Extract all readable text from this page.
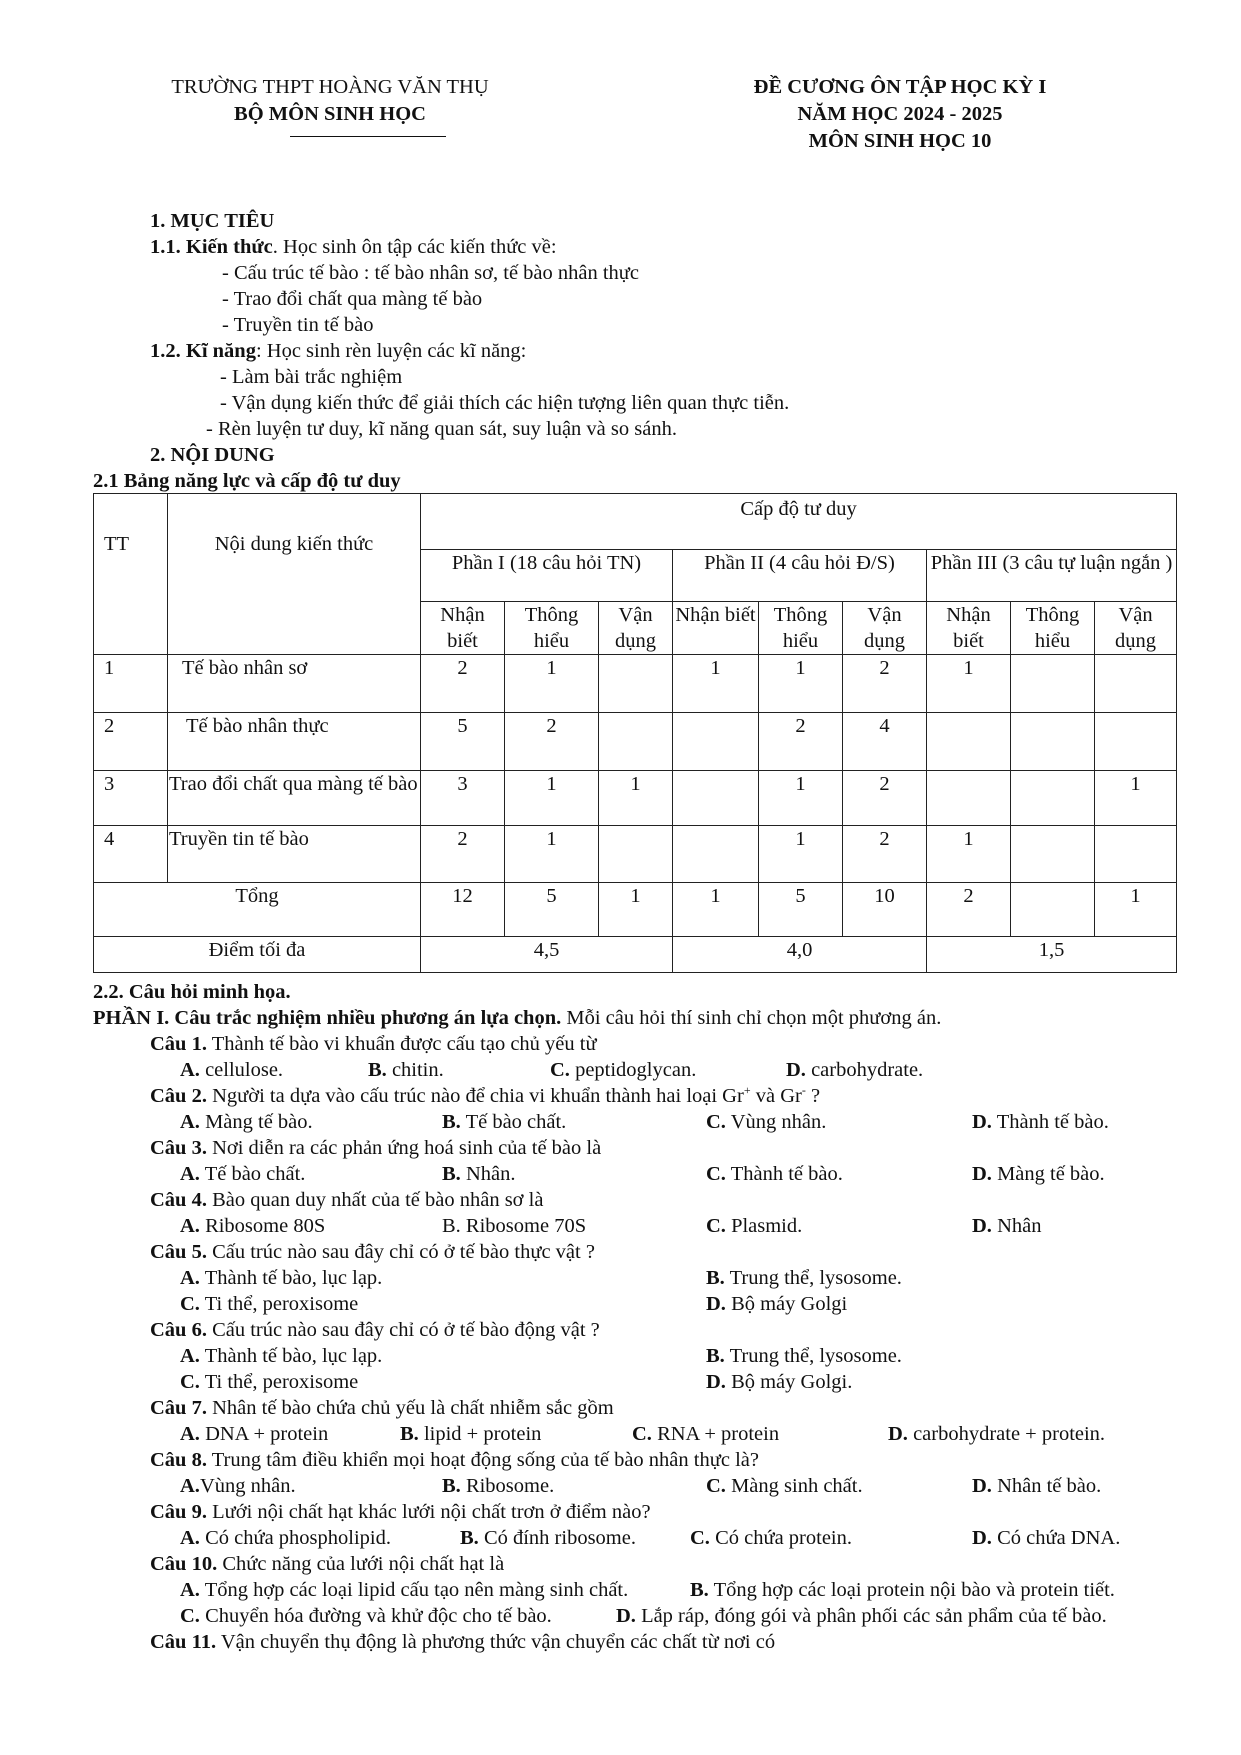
TRƯỜNG THPT HOÀNG VĂN THỤ
BỘ MÔN SINH HỌC
ĐỀ CƯƠNG ÔN TẬP HỌC KỲ I
NĂM HỌC 2024 - 2025
MÔN SINH HỌC 10
1. MỤC TIÊU
1.1. Kiến thức. Học sinh ôn tập các kiến thức về:
- Cấu trúc tế bào : tế bào nhân sơ, tế bào nhân thực
- Trao đổi chất qua màng tế bào
- Truyền tin tế bào
1.2. Kĩ năng: Học sinh rèn luyện các kĩ năng:
- Làm bài trắc nghiệm
- Vận dụng kiến thức để giải thích các hiện tượng liên quan thực tiễn.
- Rèn luyện tư duy, kĩ năng quan sát, suy luận và so sánh.
2. NỘI DUNG
2.1 Bảng năng lực và cấp độ tư duy
TT	Nội dung kiến thức	Cấp độ tư duy								
		Phần I (18 câu hỏi TN)			Phần II (4 câu hỏi Đ/S)			Phần III (3 câu tự luận ngắn )		
		Nhận biết	Thông hiểu	Vận dụng	Nhận biết	Thông hiểu	Vận dụng	Nhận biết	Thông hiểu	Vận dụng
1	Tế bào nhân sơ	2	1		1	1	2	1		
2	Tế bào nhân thực	5	2			2	4			
3	Trao đổi chất qua màng tế bào	3	1	1		1	2			1
4	Truyền tin tế bào	2	1			1	2	1		
Tổng		12	5	1	1	5	10	2		1
Điểm tối đa		4,5			4,0			1,5		
2.2. Câu hỏi minh họa.
PHẦN I. Câu trắc nghiệm nhiều phương án lựa chọn. Mỗi câu hỏi thí sinh chỉ chọn một phương án.
Câu 1. Thành tế bào vi khuẩn được cấu tạo chủ yếu từ
A. cellulose.	B. chitin.	C. peptidoglycan.	D. carbohydrate.
Câu 2. Người ta dựa vào cấu trúc nào để chia vi khuẩn thành hai loại Gr+ và Gr- ?
A. Màng tế bào.	B. Tế bào chất.	C. Vùng nhân.	D. Thành tế bào.
Câu 3. Nơi diễn ra các phản ứng hoá sinh của tế bào là
A. Tế bào chất.	B. Nhân.	C. Thành tế bào.	D. Màng tế bào.
Câu 4. Bào quan duy nhất của tế bào nhân sơ là
A. Ribosome 80S	B. Ribosome 70S	C. Plasmid.	D. Nhân
Câu 5. Cấu trúc nào sau đây chỉ có ở tế bào thực vật ?
A. Thành tế bào, lục lạp.	B. Trung thể, lysosome.
C. Ti thể, peroxisome	D. Bộ máy Golgi
Câu 6. Cấu trúc nào sau đây chỉ có ở tế bào động vật ?
A. Thành tế bào, lục lạp.	B. Trung thể, lysosome.
C. Ti thể, peroxisome	D. Bộ máy Golgi.
Câu 7. Nhân tế bào chứa chủ yếu là chất nhiễm sắc gồm
A. DNA + protein	B. lipid + protein	C. RNA + protein	D. carbohydrate + protein.
Câu 8. Trung tâm điều khiển mọi hoạt động sống của tế bào nhân thực là?
A.Vùng nhân.	B. Ribosome.	C. Màng sinh chất.	D. Nhân tế bào.
Câu 9. Lưới nội chất hạt khác lưới nội chất trơn ở điểm nào?
A. Có chứa phospholipid.	B. Có đính ribosome.	C. Có chứa protein.	D. Có chứa DNA.
Câu 10. Chức năng của lưới nội chất hạt là
A. Tổng hợp các loại lipid cấu tạo nên màng sinh chất.	B. Tổng hợp các loại protein nội bào và protein tiết.
C. Chuyển hóa đường và khử độc cho tế bào.	D. Lắp ráp, đóng gói và phân phối các sản phẩm của tế bào.
Câu 11. Vận chuyển thụ động là phương thức vận chuyển các chất từ nơi có
